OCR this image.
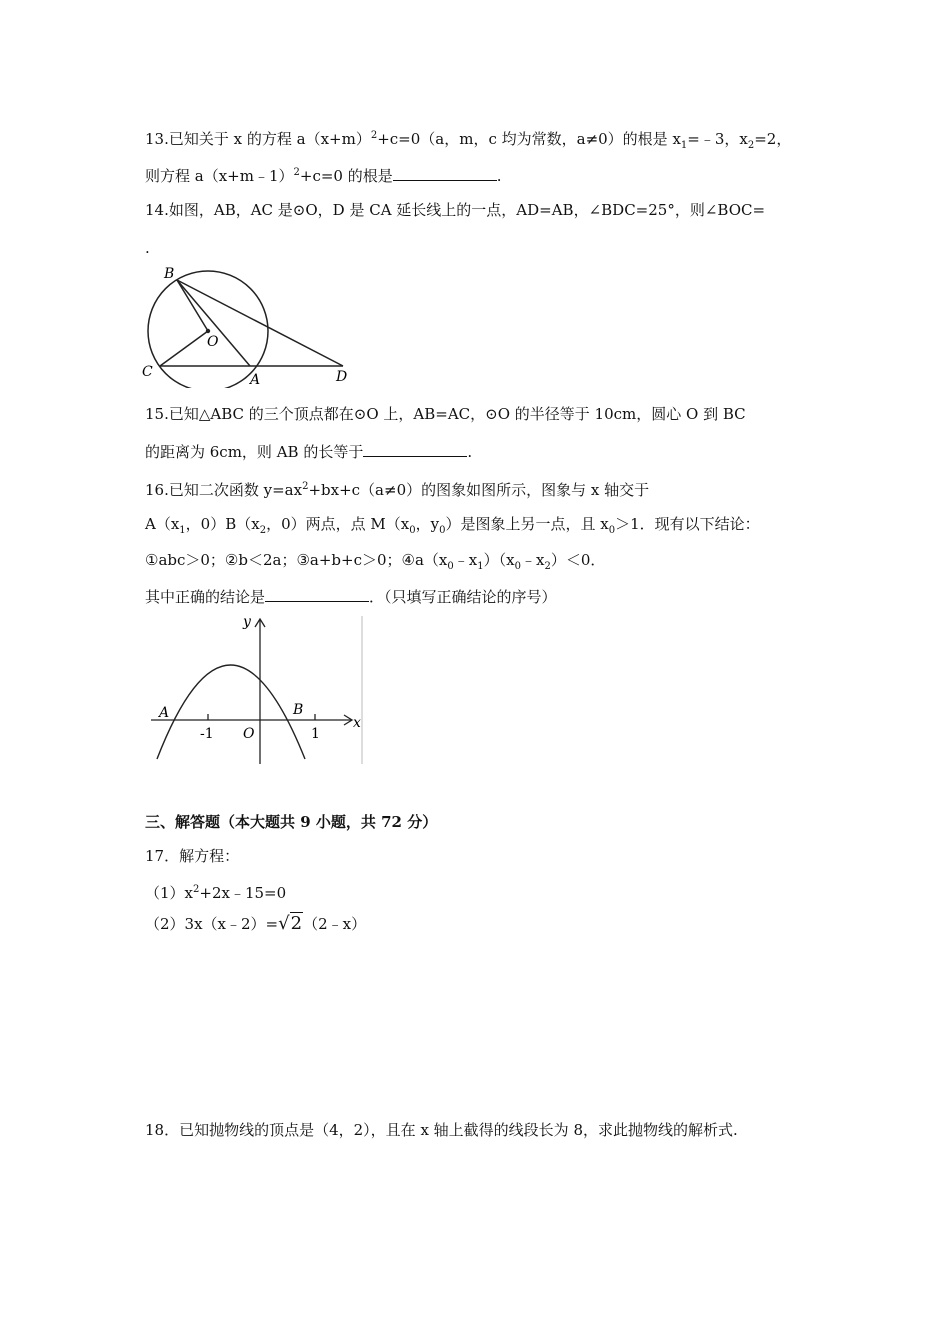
13.已知关于 x 的方程 $a(x+m)^2+c=0(a$，m，c 均为常数，a≠0）的根是 $x_1=﹣3$，$x_2=2$，
则方程 a（x+m﹣1）$^2$+c=0 的根是	.
14.如图，AB，AC 是⊙O，D 是 CA 延长线上的一点，AD=AB，∠BDC=25°，则∠BOC=
.
B
O
C	A	D
15.已知△ABC 的三个顶点都在⊙O 上，AB=AC，⊙O 的半径等于 10cm，圆心 O 到 BC
的距离为 6cm，则 AB 的长等于	.
16.已知二次函数 $y=ax^2+bx+c(a\ne 0)$的图象如图所示，图象与 x 轴交于
$A(x_1$，$0)B(x_2$，0）两点，点 $M(x_0$，$y_0$）是图象上另一点，且 $x_0>1$．现有以下结论：
①abc＞0；②b＜2a；③a+b+c＞0；$④a(x_0﹣x_1)(x_0﹣x_2)<0$．
其中正确的结论是	．（只填写正确结论的序号）
y
x
A	B
-1 O	1
三、解答题（本大题共 9 小题，共 72 分）
17．解方程：
$(1)x^2+2x﹣15=0$
（2）3x（x﹣2）=√2（2﹣x）
18．已知抛物线的顶点是（4，2），且在 x 轴上截得的线段长为 8，求此抛物线的解析式.
